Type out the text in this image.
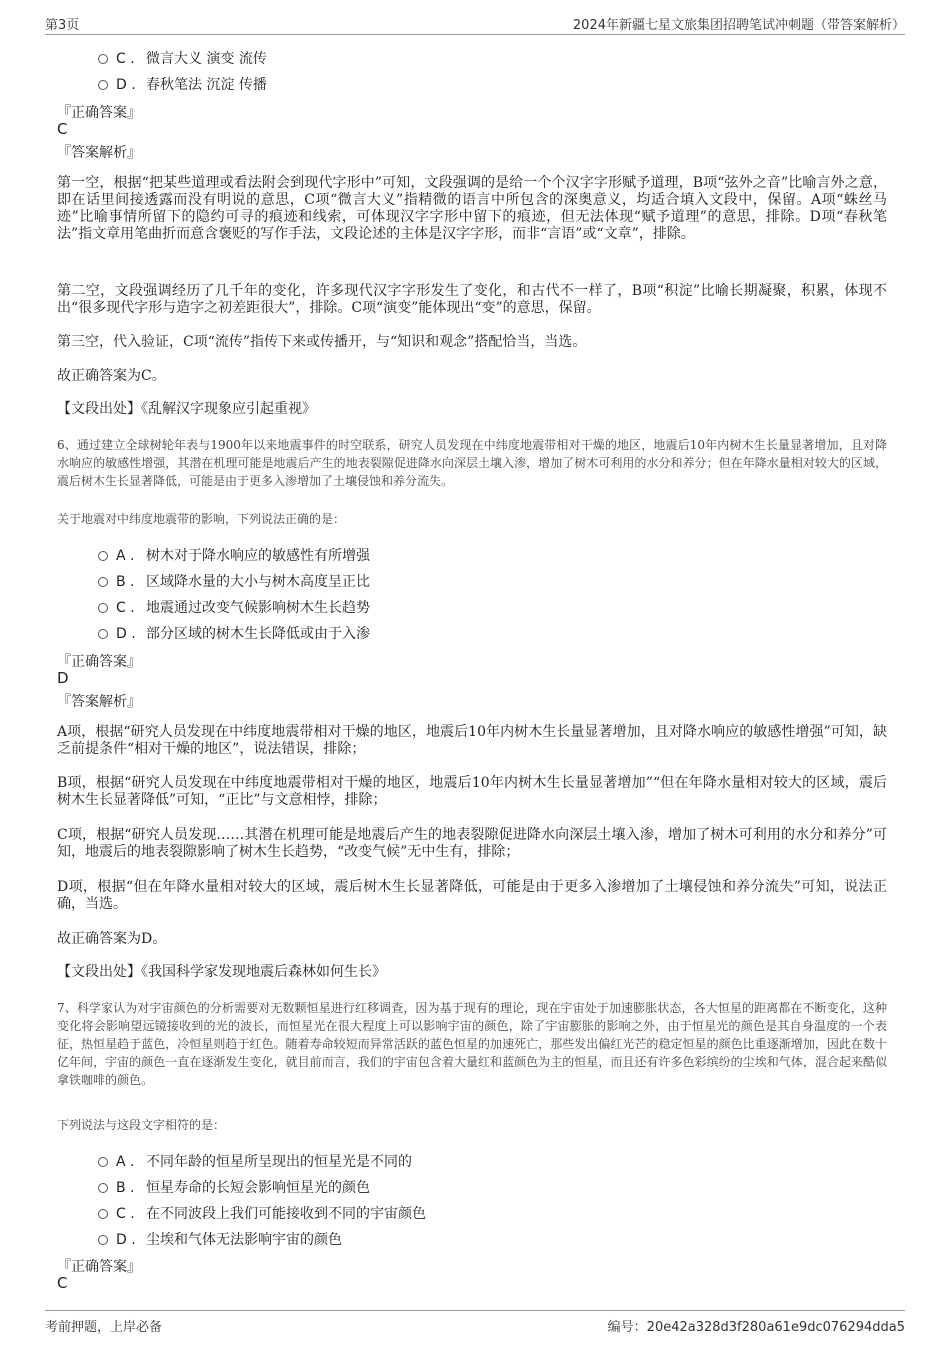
第3页	2024年新疆七星文旅集团招聘笔试冲刺题（带答案解析）
C . 微言大义 演变 流传
D . 春秋笔法 沉淀 传播
『正确答案』
C
『答案解析』
第一空，根据“把某些道理或看法附会到现代字形中”可知，文段强调的是给一个个汉字字形赋予道理，B项“弦外之音”比喻言外之意，即在话里间接透露而没有明说的意思，C项“微言大义”指精微的语言中所包含的深奥意义，均适合填入文段中，保留。A项“蛛丝马迹”比喻事情所留下的隐约可寻的痕迹和线索，可体现汉字字形中留下的痕迹，但无法体现“赋予道理”的意思，排除。D项“春秋笔法”指文章用笔曲折而意含褒贬的写作手法，文段论述的主体是汉字字形，而非“言语”或“文章”，排除。
第二空，文段强调经历了几千年的变化，许多现代汉字字形发生了变化，和古代不一样了，B项“积淀”比喻长期凝聚，积累，体现不出“很多现代字形与造字之初差距很大”，排除。C项“演变”能体现出“变”的意思，保留。
第三空，代入验证，C项“流传”指传下来或传播开，与“知识和观念”搭配恰当，当选。
故正确答案为C。
【文段出处】《乱解汉字现象应引起重视》
6、通过建立全球树轮年表与1900年以来地震事件的时空联系，研究人员发现在中纬度地震带相对干燥的地区，地震后10年内树木生长量显著增加，且对降水响应的敏感性增强，其潜在机理可能是地震后产生的地表裂隙促进降水向深层土壤入渗，增加了树木可利用的水分和养分；但在年降水量相对较大的区域，震后树木生长显著降低，可能是由于更多入渗增加了土壤侵蚀和养分流失。
关于地震对中纬度地震带的影响，下列说法正确的是：
A . 树木对于降水响应的敏感性有所增强
B . 区域降水量的大小与树木高度呈正比
C . 地震通过改变气候影响树木生长趋势
D . 部分区域的树木生长降低或由于入渗
『正确答案』
D
『答案解析』
A项，根据“研究人员发现在中纬度地震带相对干燥的地区，地震后10年内树木生长量显著增加，且对降水响应的敏感性增强”可知，缺乏前提条件“相对干燥的地区”，说法错误，排除；
B项，根据“研究人员发现在中纬度地震带相对干燥的地区，地震后10年内树木生长量显著增加”“但在年降水量相对较大的区域，震后树木生长显著降低”可知，“正比”与文意相悖，排除；
C项，根据“研究人员发现……其潜在机理可能是地震后产生的地表裂隙促进降水向深层土壤入渗，增加了树木可利用的水分和养分”可知，地震后的地表裂隙影响了树木生长趋势，“改变气候”无中生有，排除；
D项，根据“但在年降水量相对较大的区域，震后树木生长显著降低，可能是由于更多入渗增加了土壤侵蚀和养分流失”可知，说法正确，当选。
故正确答案为D。
【文段出处】《我国科学家发现地震后森林如何生长》
7、科学家认为对宇宙颜色的分析需要对无数颗恒星进行红移调查，因为基于现有的理论，现在宇宙处于加速膨胀状态，各大恒星的距离都在不断变化，这种变化将会影响望远镜接收到的光的波长，而恒星光在很大程度上可以影响宇宙的颜色，除了宇宙膨胀的影响之外，由于恒星光的颜色是其自身温度的一个表征，热恒星趋于蓝色，冷恒星则趋于红色。随着寿命较短而异常活跃的蓝色恒星的加速死亡，那些发出偏红光芒的稳定恒星的颜色比重逐渐增加，因此在数十亿年间，宇宙的颜色一直在逐渐发生变化，就目前而言，我们的宇宙包含着大量红和蓝颜色为主的恒星，而且还有许多色彩缤纷的尘埃和气体，混合起来酷似拿铁咖啡的颜色。
下列说法与这段文字相符的是：
A . 不同年龄的恒星所呈现出的恒星光是不同的
B . 恒星寿命的长短会影响恒星光的颜色
C . 在不同波段上我们可能接收到不同的宇宙颜色
D . 尘埃和气体无法影响宇宙的颜色
『正确答案』
C
考前押题，上岸必备	编号：20e42a328d3f280a61e9dc076294dda5
